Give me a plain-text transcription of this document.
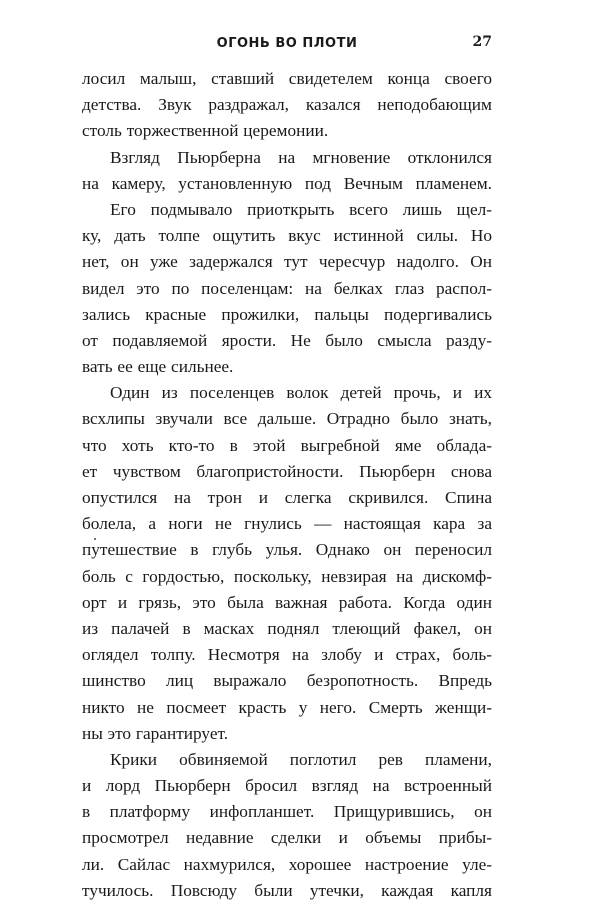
ОГОНЬ ВО ПЛОТИ	27
лосил малыш, ставший свидетелем конца своего
детства. Звук раздражал, казался неподобающим
столь торжественной церемонии.
Взгляд Пьюрберна на мгновение отклонился
на камеру, установленную под Вечным пламенем.
Его подмывало приоткрыть всего лишь щел-
ку, дать толпе ощутить вкус истинной силы. Но
нет, он уже задержался тут чересчур надолго. Он
видел это по поселенцам: на белках глаз распол-
зались красные прожилки, пальцы подергивались
от подавляемой ярости. Не было смысла разду-
вать ее еще сильнее.
Один из поселенцев волок детей прочь, и их
всхлипы звучали все дальше. Отрадно было знать,
что хоть кто-то в этой выгребной яме облада-
ет чувством благопристойности. Пьюрберн снова
опустился на трон и слегка скривился. Спина
болела, а ноги не гнулись — настоящая кара за
путешествие в глубь улья. Однако он переносил
боль с гордостью, поскольку, невзирая на дискомф-
орт и грязь, это была важная работа. Когда один
из палачей в масках поднял тлеющий факел, он
оглядел толпу. Несмотря на злобу и страх, боль-
шинство лиц выражало безропотность. Впредь
никто не посмеет красть у него. Смерть женщи-
ны это гарантирует.
Крики обвиняемой поглотил рев пламени,
и лорд Пьюрберн бросил взгляд на встроенный
в платформу инфопланшет. Прищурившись, он
просмотрел недавние сделки и объемы прибы-
ли. Сайлас нахмурился, хорошее настроение уле-
тучилось. Повсюду были утечки, каждая капля
